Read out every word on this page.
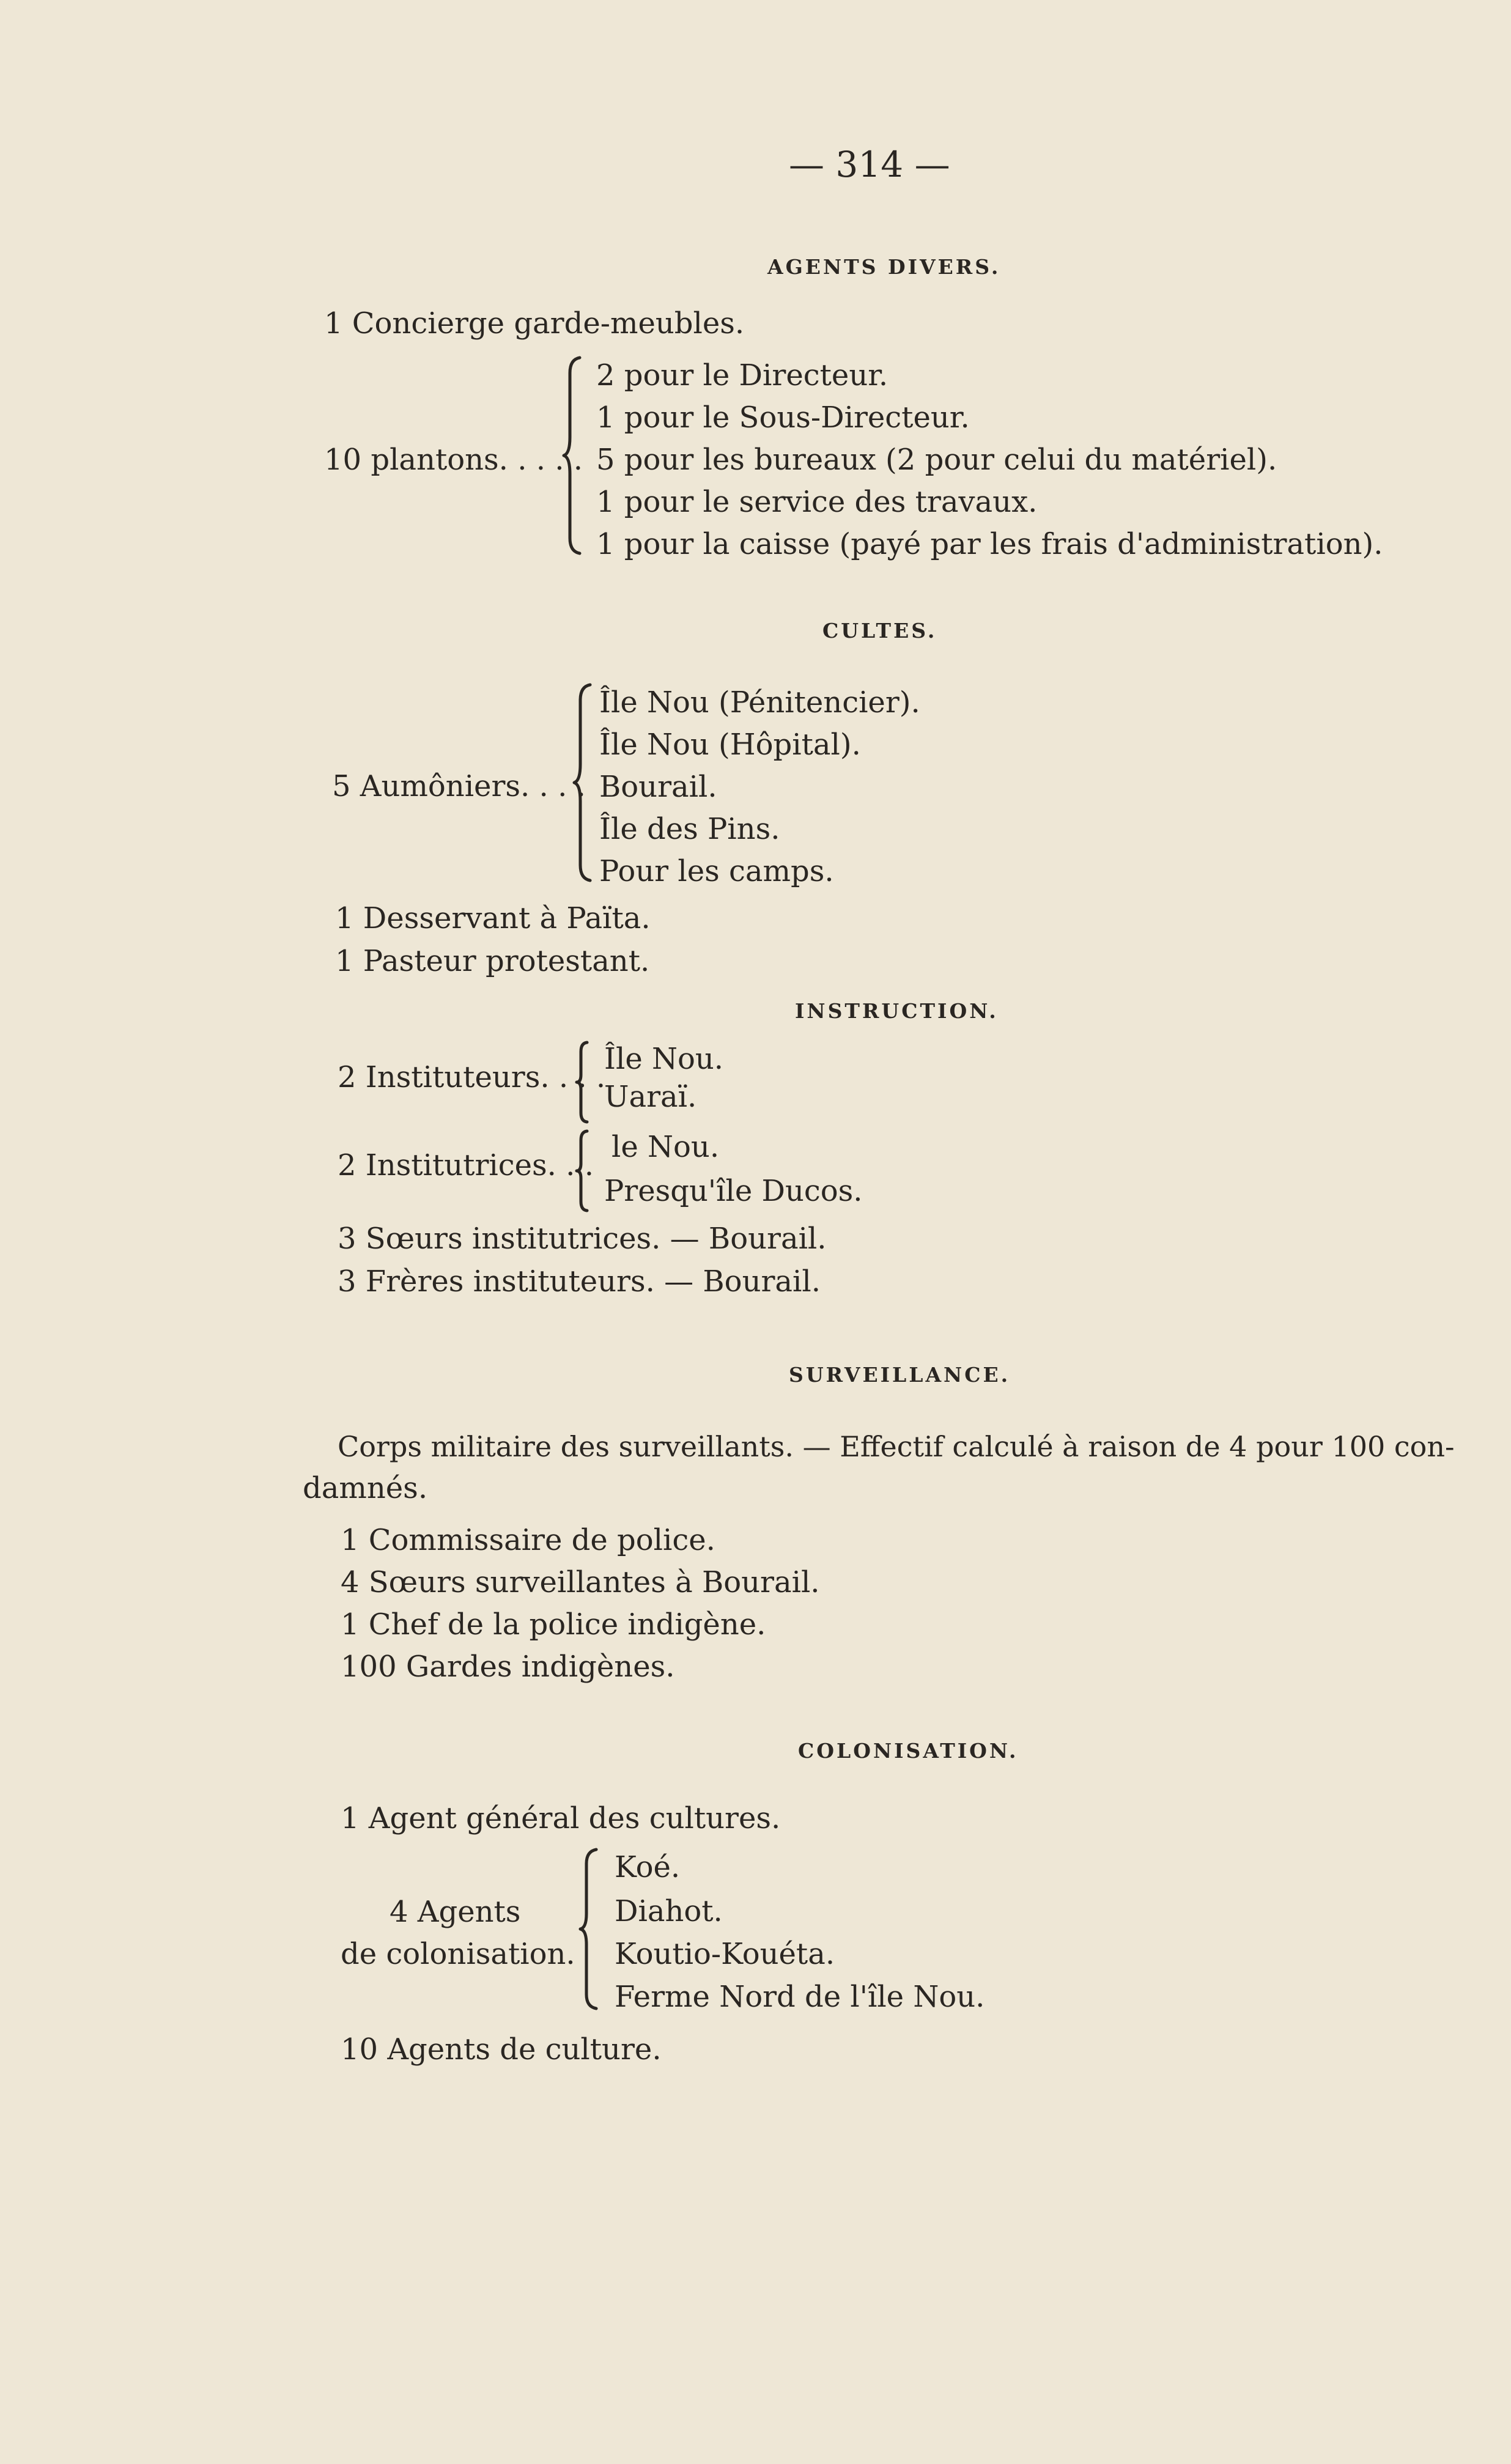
— 314 —
AGENTS DIVERS.
1 Concierge garde-meubles.
10 plantons. . . . .
2 pour le Directeur.
1 pour le Sous-Directeur.
5 pour les bureaux (2 pour celui du matériel).
1 pour le service des travaux.
1 pour la caisse (payé par les frais d'administration).
CULTES.
5 Aumôniers. . . .
Île Nou (Pénitencier).
Île Nou (Hôpital).
Bourail.
Île des Pins.
Pour les camps.
1 Desservant à Païta.
1 Pasteur protestant.
INSTRUCTION.
2 Instituteurs. . . .
Île Nou.
Uaraï.
2 Institutrices. . .
le Nou.
Presqu'île Ducos.
3 Sœurs institutrices. — Bourail.
3 Frères instituteurs. — Bourail.
SURVEILLANCE.
Corps militaire des surveillants. — Effectif calculé à raison de 4 pour 100 con-
damnés.
1 Commissaire de police.
4 Sœurs surveillantes à Bourail.
1 Chef de la police indigène.
100 Gardes indigènes.
COLONISATION.
1 Agent général des cultures.
4 Agents
de colonisation.
Koé.
Diahot.
Koutio-Kouéta.
Ferme Nord de l'île Nou.
10 Agents de culture.
